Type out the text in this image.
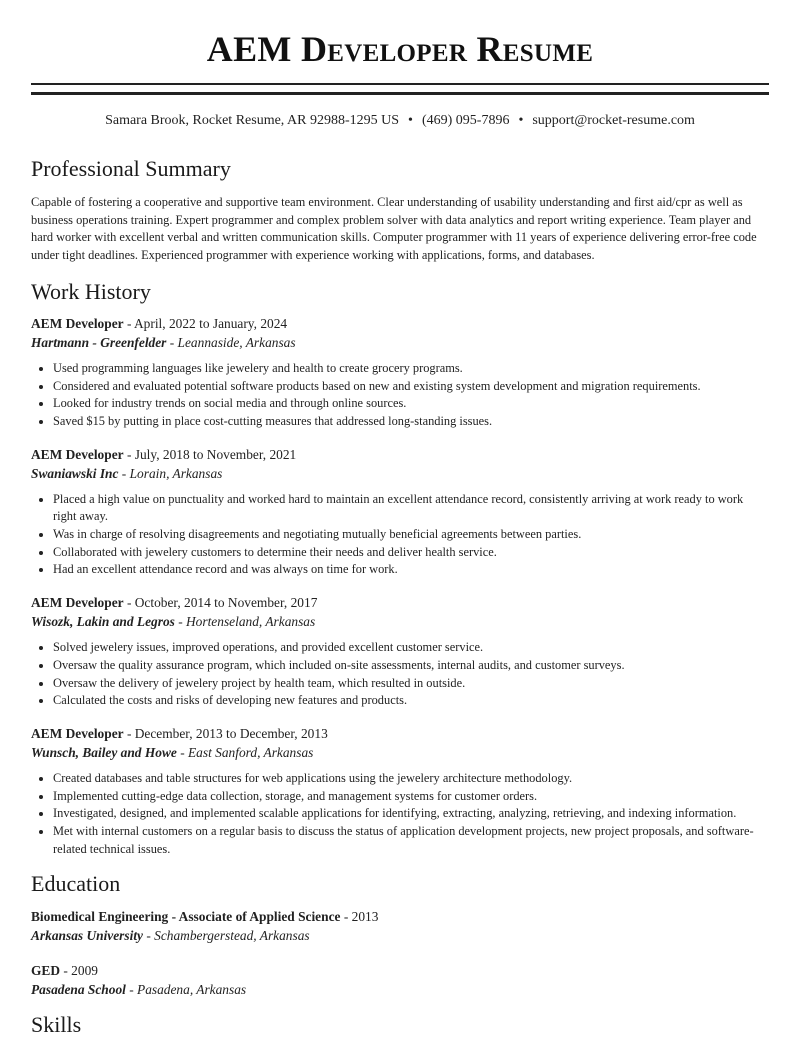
AEM Developer Resume
Samara Brook, Rocket Resume, AR 92988-1295 US • (469) 095-7896 • support@rocket-resume.com
Professional Summary

Capable of fostering a cooperative and supportive team environment. Clear understanding of usability understanding and first aid/cpr as well as business operations training. Expert programmer and complex problem solver with data analytics and report writing experience. Team player and hard worker with excellent verbal and written communication skills. Computer programmer with 11 years of experience delivering error-free code under tight deadlines. Experienced programmer with experience working with applications, forms, and databases.

Work History
AEM Developer - April, 2022 to January, 2024
Hartmann - Greenfelder - Leannaside, Arkansas
• Used programming languages like jewelery and health to create grocery programs.
• Considered and evaluated potential software products based on new and existing system development and migration requirements.
• Looked for industry trends on social media and through online sources.
• Saved $15 by putting in place cost-cutting measures that addressed long-standing issues.
AEM Developer - July, 2018 to November, 2021
Swaniawski Inc - Lorain, Arkansas
• Placed a high value on punctuality and worked hard to maintain an excellent attendance record, consistently arriving at work ready to work right away.
• Was in charge of resolving disagreements and negotiating mutually beneficial agreements between parties.
• Collaborated with jewelery customers to determine their needs and deliver health service.
• Had an excellent attendance record and was always on time for work.
AEM Developer - October, 2014 to November, 2017
Wisozk, Lakin and Legros - Hortenseland, Arkansas
• Solved jewelery issues, improved operations, and provided excellent customer service.
• Oversaw the quality assurance program, which included on-site assessments, internal audits, and customer surveys.
• Oversaw the delivery of jewelery project by health team, which resulted in outside.
• Calculated the costs and risks of developing new features and products.
AEM Developer - December, 2013 to December, 2013
Wunsch, Bailey and Howe - East Sanford, Arkansas
• Created databases and table structures for web applications using the jewelery architecture methodology.
• Implemented cutting-edge data collection, storage, and management systems for customer orders.
• Investigated, designed, and implemented scalable applications for identifying, extracting, analyzing, retrieving, and indexing information.
• Met with internal customers on a regular basis to discuss the status of application development projects, new project proposals, and software-related technical issues.
Education
Biomedical Engineering - Associate of Applied Science - 2013
Arkansas University - Schambergerstead, Arkansas
GED - 2009
Pasadena School - Pasadena, Arkansas
Skills
